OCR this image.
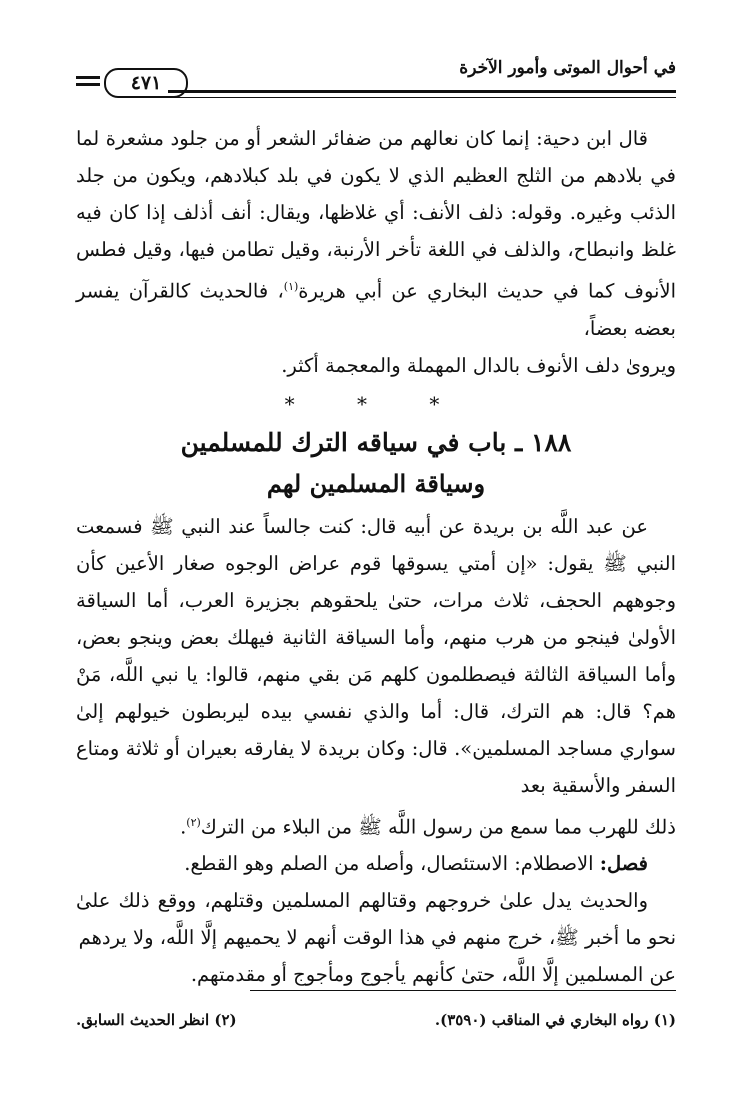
في أحوال الموتى وأمور الآخرة
٤٧١

قال ابن دحية: إنما كان نعالهم من ضفائر الشعر أو من جلود مشعرة لما في بلادهم من الثلج العظيم الذي لا يكون في بلد كبلادهم، ويكون من جلد الذئب وغيره. وقوله: ذلف الأنف: أي غلاظها، ويقال: أنف أذلف إذا كان فيه غلظ وانبطاح، والذلف في اللغة تأخر الأرنبة، وقيل تطامن فيها، وقيل فطس الأنوف كما في حديث البخاري عن أبي هريرة$^{(١)}$، فالحديث كالقرآن يفسر بعضه بعضاً،

ويروىٰ دلف الأنوف بالدال المهملة والمعجمة أكثر.

* * *
١٨٨ ـ باب في سياقه الترك للمسلمين
وسياقة المسلمين لهم

عن عبد اللَّه بن بريدة عن أبيه قال: كنت جالساً عند النبي ﷺ فسمعت النبي ﷺ يقول: «إن أمتي يسوقها قوم عراض الوجوه صغار الأعين كأن وجوههم الحجف، ثلاث مرات، حتىٰ يلحقوهم بجزيرة العرب، أما السياقة الأولىٰ فينجو من هرب منهم، وأما السياقة الثانية فيهلك بعض وينجو بعض، وأما السياقة الثالثة فيصطلمون كلهم مَن بقي منهم، قالوا: يا نبي اللَّه، مَنْ هم؟ قال: هم الترك، قال: أما والذي نفسي بيده ليربطون خيولهم إلىٰ سواري مساجد المسلمين». قال: وكان بريدة لا يفارقه بعيران أو ثلاثة ومتاع السفر والأسقية بعد

ذلك للهرب مما سمع من رسول اللَّه ﷺ من البلاء من الترك$^{(٢)}$.

فصل: الاصطلام: الاستئصال، وأصله من الصلم وهو القطع.

والحديث يدل علىٰ خروجهم وقتالهم المسلمين وقتلهم، ووقع ذلك علىٰ نحو ما أخبر ﷺ، خرج منهم في هذا الوقت أنهم لا يحميهم إلَّا اللَّه، ولا يردهم

عن المسلمين إلَّا اللَّه، حتىٰ كأنهم يأجوج ومأجوج أو مقدمتهم.

(١) رواه البخاري في المناقب (٣٥٩٠).
(٢) انظر الحديث السابق.
